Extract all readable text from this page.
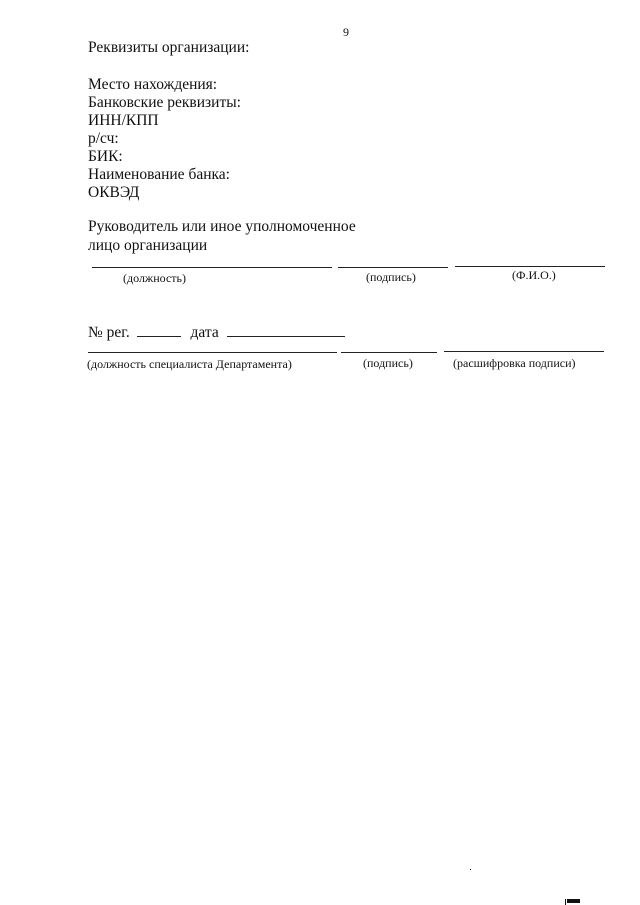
9
Реквизиты организации:
Место нахождения:
Банковские реквизиты:
ИНН/КПП
р/сч:
БИК:
Наименование банка:
ОКВЭД
Руководитель или иное уполномоченное
лицо организации
(должность)	(подпись)	(Ф.И.О.)
№ рег.	дата
(должность специалиста Департамента)	(подпись)	(расшифровка подписи)
